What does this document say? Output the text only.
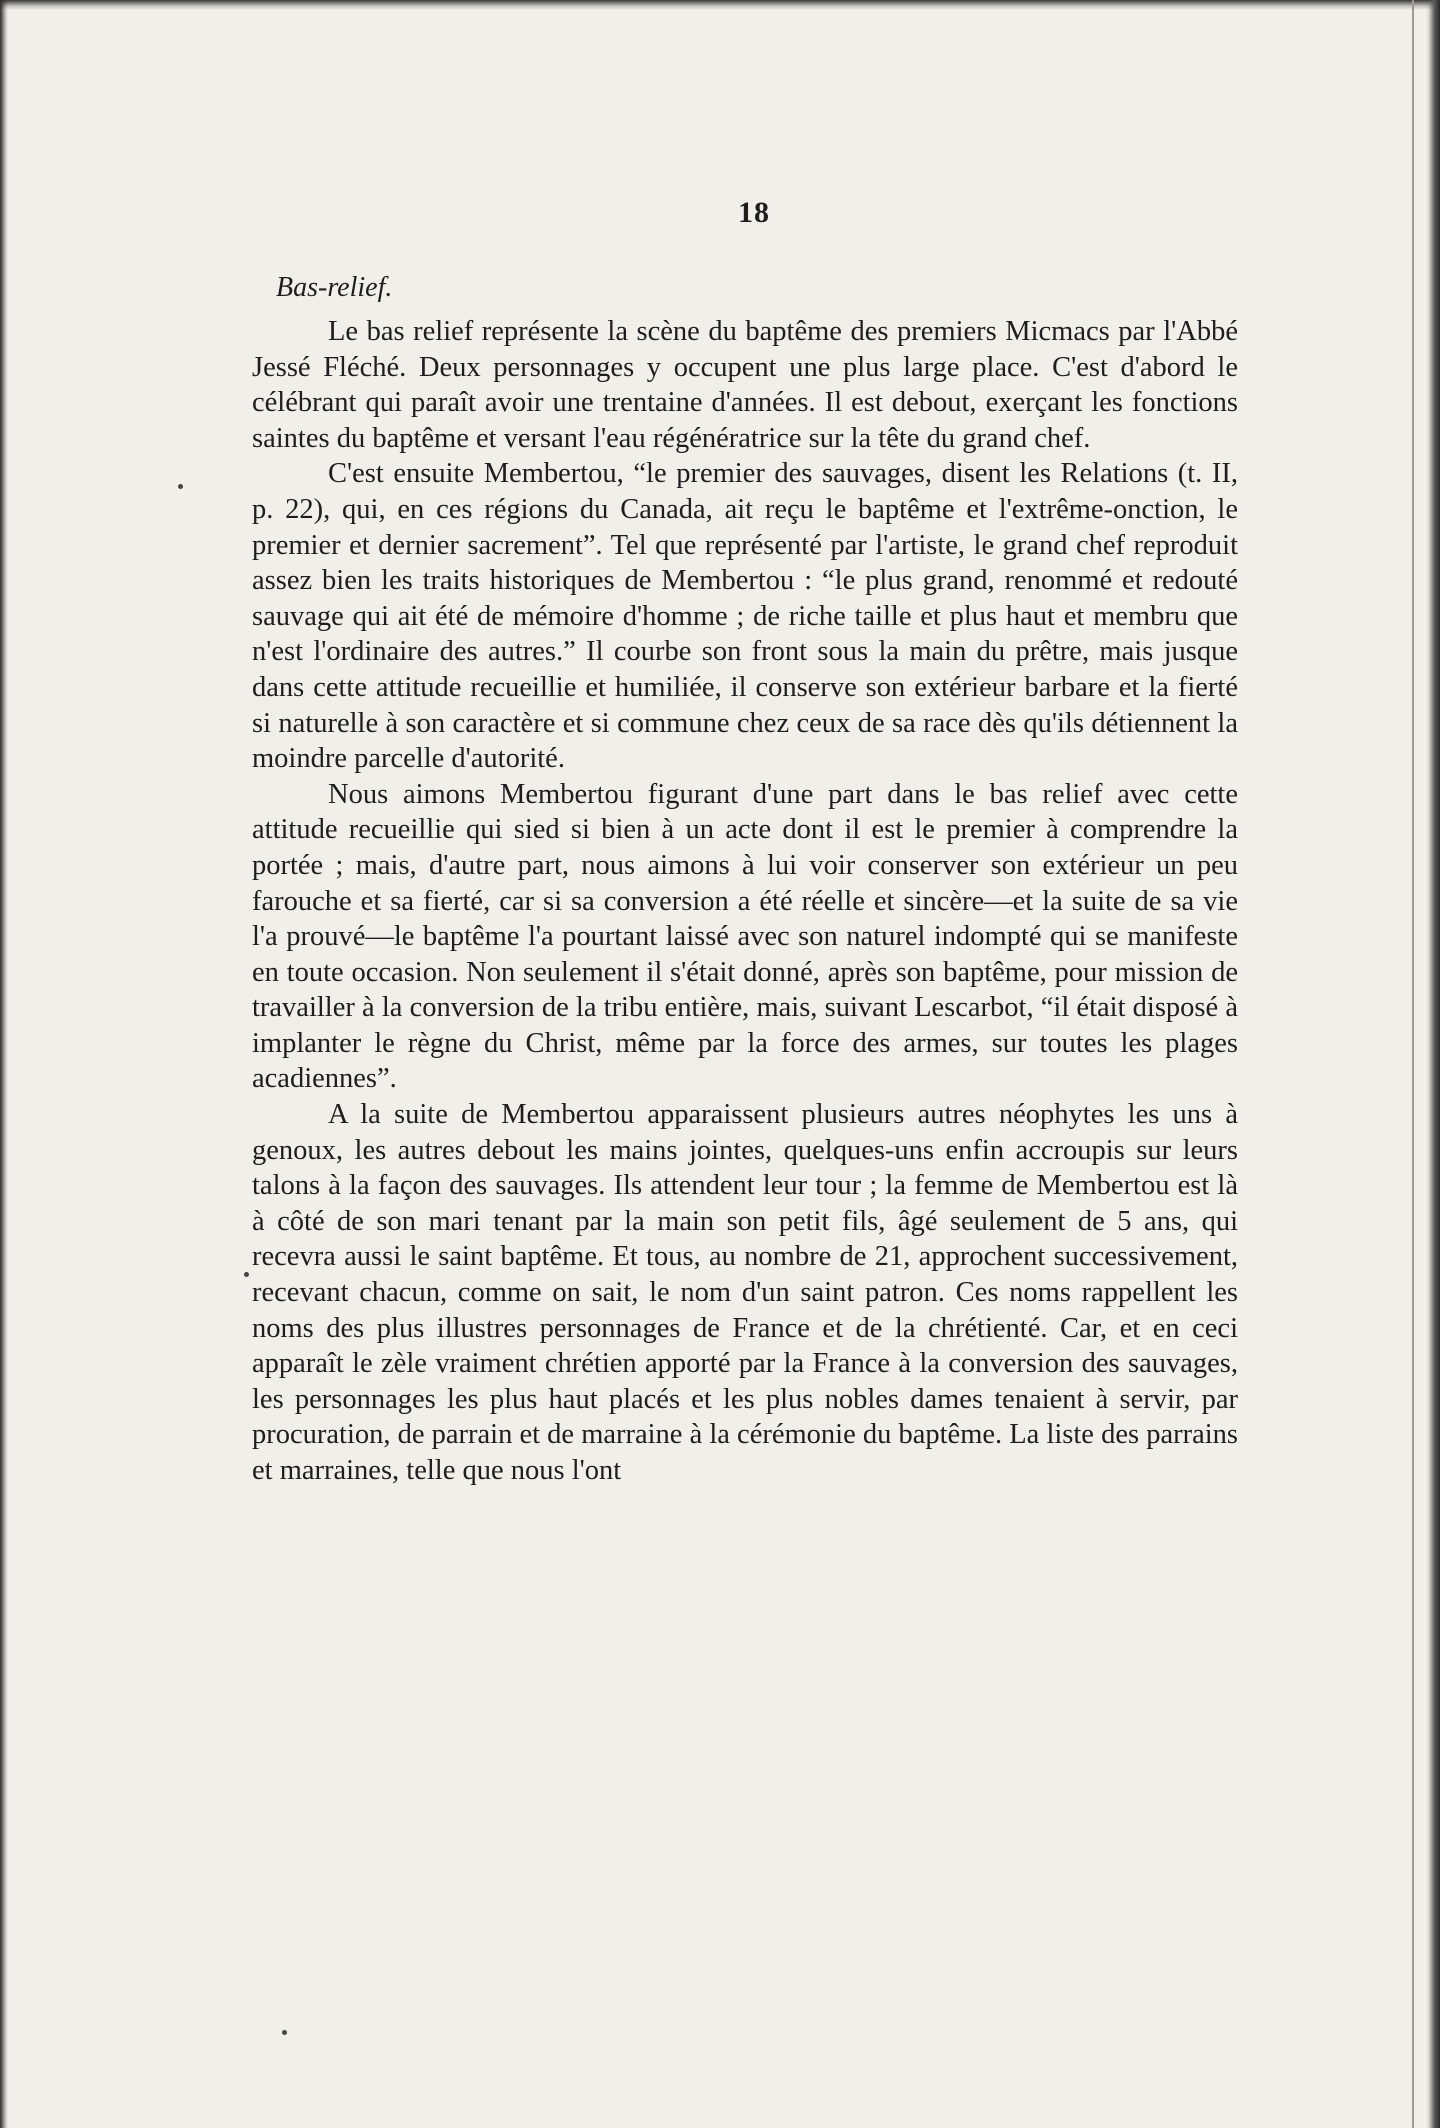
18
Bas-relief.

Le bas relief représente la scène du baptême des premiers Micmacs par l'Abbé Jessé Fléché. Deux personnages y occupent une plus large place. C'est d'abord le célébrant qui paraît avoir une trentaine d'années. Il est debout, exerçant les fonctions saintes du baptême et versant l'eau régénératrice sur la tête du grand chef.

C'est ensuite Membertou, “le premier des sauvages, disent les Relations (t. II, p. 22), qui, en ces régions du Canada, ait reçu le baptême et l'extrême-onction, le premier et dernier sacrement”. Tel que représenté par l'artiste, le grand chef reproduit assez bien les traits historiques de Membertou : “le plus grand, renommé et redouté sauvage qui ait été de mémoire d'homme ; de riche taille et plus haut et membru que n'est l'ordinaire des autres.” Il courbe son front sous la main du prêtre, mais jusque dans cette attitude recueillie et humiliée, il conserve son extérieur barbare et la fierté si naturelle à son caractère et si commune chez ceux de sa race dès qu'ils détiennent la moindre parcelle d'autorité.

Nous aimons Membertou figurant d'une part dans le bas relief avec cette attitude recueillie qui sied si bien à un acte dont il est le premier à comprendre la portée ; mais, d'autre part, nous aimons à lui voir conserver son extérieur un peu farouche et sa fierté, car si sa conversion a été réelle et sincère—et la suite de sa vie l'a prouvé—le baptême l'a pourtant laissé avec son naturel indompté qui se manifeste en toute occasion. Non seulement il s'était donné, après son baptême, pour mission de travailler à la conversion de la tribu entière, mais, suivant Lescarbot, “il était disposé à implanter le règne du Christ, même par la force des armes, sur toutes les plages acadiennes”.

A la suite de Membertou apparaissent plusieurs autres néophytes les uns à genoux, les autres debout les mains jointes, quelques-uns enfin accroupis sur leurs talons à la façon des sauvages. Ils attendent leur tour ; la femme de Membertou est là à côté de son mari tenant par la main son petit fils, âgé seulement de 5 ans, qui recevra aussi le saint baptême. Et tous, au nombre de 21, approchent successivement, recevant chacun, comme on sait, le nom d'un saint patron. Ces noms rappellent les noms des plus illustres personnages de France et de la chrétienté. Car, et en ceci apparaît le zèle vraiment chrétien apporté par la France à la conversion des sauvages, les personnages les plus haut placés et les plus nobles dames tenaient à servir, par procuration, de parrain et de marraine à la cérémonie du baptême. La liste des parrains et marraines, telle que nous l'ont
